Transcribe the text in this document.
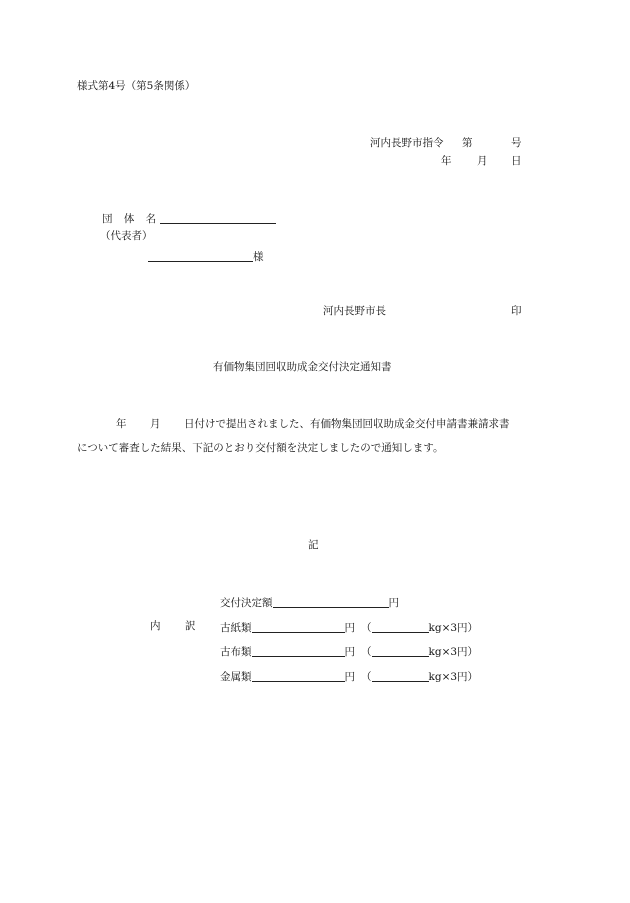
様式第4号（第5条関係）
河内長野市指令 第	号
年 月 日
団 体 名
（代表者）
様
河内長野市長	印
有価物集団回収助成金交付決定通知書
年 月 日付けで提出されました、有価物集団回収助成金交付申請書兼請求書
について審査した結果、下記のとおり交付額を決定しましたので通知します。
記
交付決定額	円
内 訳 古紙類	円 （	kg×3円）
古布類	円 （	kg×3円）
金属類	円 （	kg×3円）
